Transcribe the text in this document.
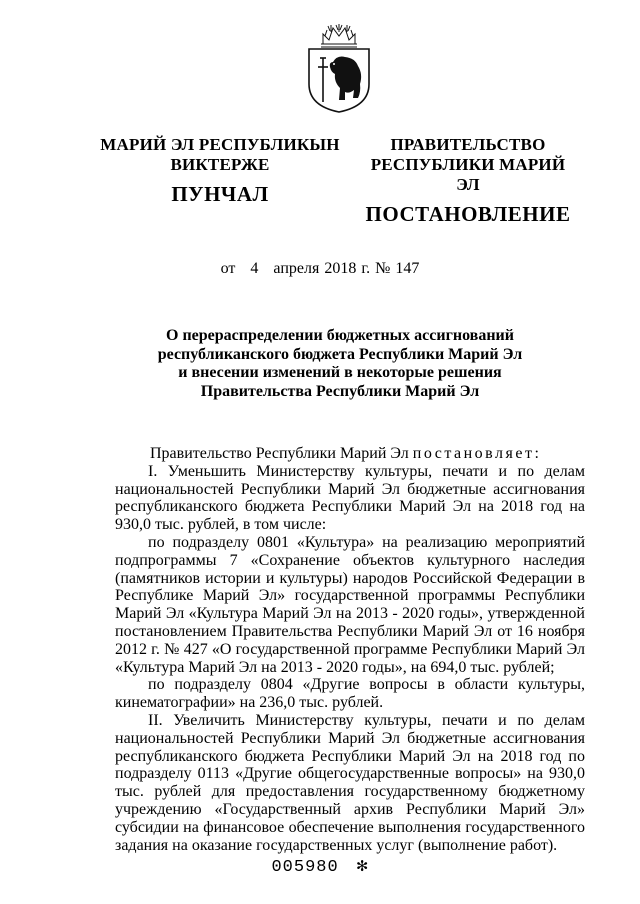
МАРИЙ ЭЛ РЕСПУБЛИКЫН
ВИКТЕРЖЕ
ПУНЧАЛ
ПРАВИТЕЛЬСТВО
РЕСПУБЛИКИ МАРИЙ ЭЛ
ПОСТАНОВЛЕНИЕ
от 4 апреля 2018 г. № 147
О перераспределении бюджетных ассигнований
республиканского бюджета Республики Марий Эл
и внесении изменений в некоторые решения
Правительства Республики Марий Эл

Правительство Республики Марий Эл постановляет:

I. Уменьшить Министерству культуры, печати и по делам национальностей Республики Марий Эл бюджетные ассигнования республиканского бюджета Республики Марий Эл на 2018 год на 930,0 тыс. рублей, в том числе:

по подразделу 0801 «Культура» на реализацию мероприятий подпрограммы 7 «Сохранение объектов культурного наследия (памятников истории и культуры) народов Российской Федерации в Республике Марий Эл» государственной программы Республики Марий Эл «Культура Марий Эл на 2013 - 2020 годы», утвержденной постановлением Правительства Республики Марий Эл от 16 ноября 2012 г. № 427 «О государственной программе Республики Марий Эл «Культура Марий Эл на 2013 - 2020 годы», на 694,0 тыс. рублей;

по подразделу 0804 «Другие вопросы в области культуры, кинематографии» на 236,0 тыс. рублей.

II. Увеличить Министерству культуры, печати и по делам национальностей Республики Марий Эл бюджетные ассигнования республиканского бюджета Республики Марий Эл на 2018 год по подразделу 0113 «Другие общегосударственные вопросы» на 930,0 тыс. рублей для предоставления государственному бюджетному учреждению «Государственный архив Республики Марий Эл» субсидии на финансовое обеспечение выполнения государственного задания на оказание государственных услуг (выполнение работ).

005980 ✻
